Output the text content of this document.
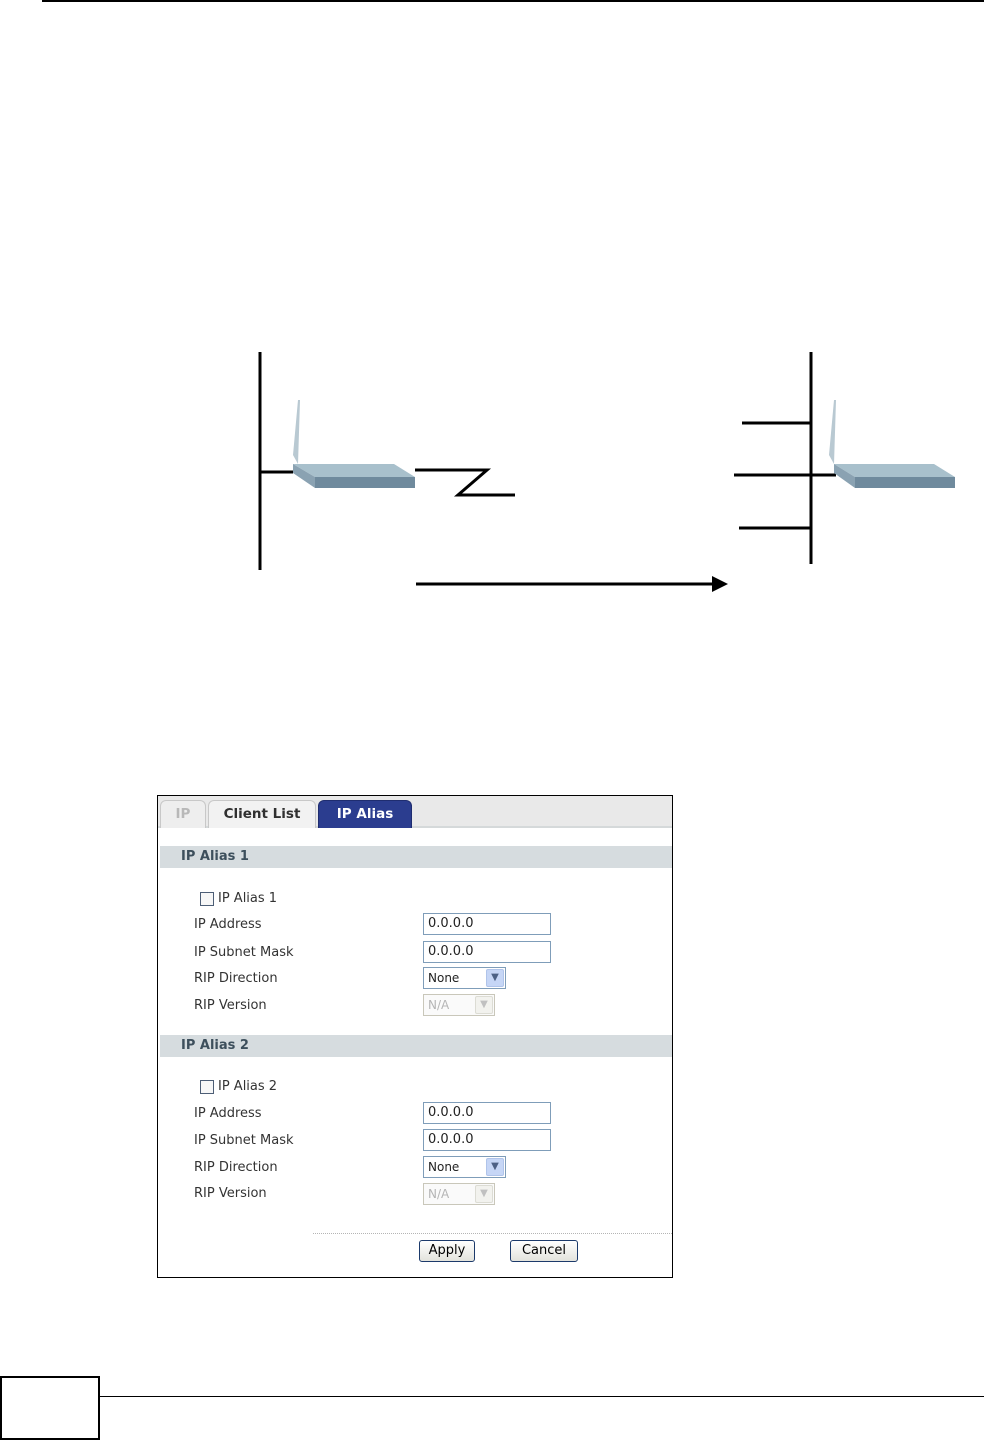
IP	Client List	IP Alias
IP Alias 1
IP Alias 1
IP Address	0.0.0.0
IP Subnet Mask	0.0.0.0
RIP Direction	None	▼
RIP Version	N/A	▼
IP Alias 2
IP Alias 2
IP Address	0.0.0.0
IP Subnet Mask	0.0.0.0
RIP Direction	None	▼
RIP Version	N/A	▼
Apply	Cancel
